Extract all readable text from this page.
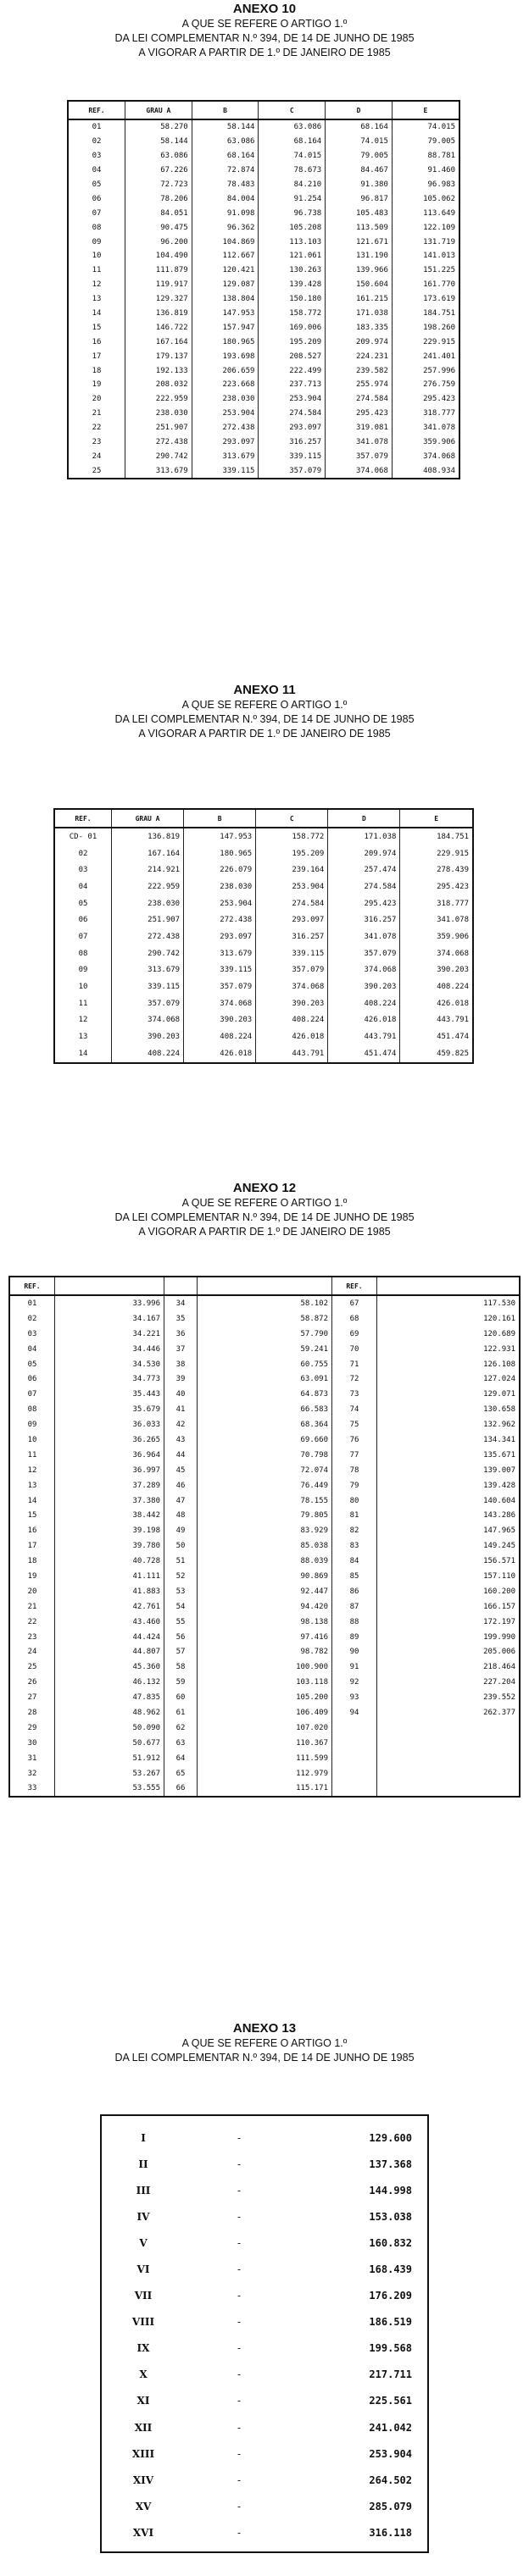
ANEXO 10
A QUE SE REFERE O ARTIGO 1.º
DA LEI COMPLEMENTAR N.º 394, DE 14 DE JUNHO DE 1985
A VIGORAR A PARTIR DE 1.º DE JANEIRO DE 1985
REF.	GRAU A	B	C	D	E
01	58.270	58.144	63.086	68.164	74.015
02	58.144	63.086	68.164	74.015	79.005
03	63.086	68.164	74.015	79.005	88.781
04	67.226	72.874	78.673	84.467	91.460
05	72.723	78.483	84.210	91.380	96.983
06	78.206	84.004	91.254	96.817	105.062
07	84.051	91.098	96.738	105.483	113.649
08	90.475	96.362	105.208	113.509	122.109
09	96.200	104.869	113.103	121.671	131.719
10	104.490	112.667	121.061	131.190	141.013
11	111.879	120.421	130.263	139.966	151.225
12	119.917	129.087	139.428	150.604	161.770
13	129.327	138.804	150.180	161.215	173.619
14	136.819	147.953	158.772	171.038	184.751
15	146.722	157.947	169.006	183.335	198.260
16	167.164	180.965	195.209	209.974	229.915
17	179.137	193.698	208.527	224.231	241.401
18	192.133	206.659	222.499	239.582	257.996
19	208.032	223.668	237.713	255.974	276.759
20	222.959	238.030	253.904	274.584	295.423
21	238.030	253.904	274.584	295.423	318.777
22	251.907	272.438	293.097	319.081	341.078
23	272.438	293.097	316.257	341.078	359.906
24	290.742	313.679	339.115	357.079	374.068
25	313.679	339.115	357.079	374.068	408.934
ANEXO 11
A QUE SE REFERE O ARTIGO 1.º
DA LEI COMPLEMENTAR N.º 394, DE 14 DE JUNHO DE 1985
A VIGORAR A PARTIR DE 1.º DE JANEIRO DE 1985
REF.	GRAU A	B	C	D	E
CD- 01	136.819	147.953	158.772	171.038	184.751
02	167.164	180.965	195.209	209.974	229.915
03	214.921	226.079	239.164	257.474	278.439
04	222.959	238.030	253.904	274.584	295.423
05	238.030	253.904	274.584	295.423	318.777
06	251.907	272.438	293.097	316.257	341.078
07	272.438	293.097	316.257	341.078	359.906
08	290.742	313.679	339.115	357.079	374.068
09	313.679	339.115	357.079	374.068	390.203
10	339.115	357.079	374.068	390.203	408.224
11	357.079	374.068	390.203	408.224	426.018
12	374.068	390.203	408.224	426.018	443.791
13	390.203	408.224	426.018	443.791	451.474
14	408.224	426.018	443.791	451.474	459.825
ANEXO 12
A QUE SE REFERE O ARTIGO 1.º
DA LEI COMPLEMENTAR N.º 394, DE 14 DE JUNHO DE 1985
A VIGORAR A PARTIR DE 1.º DE JANEIRO DE 1985
REF.				REF.	
01	33.996	34	58.102	67	117.530
02	34.167	35	58.872	68	120.161
03	34.221	36	57.790	69	120.689
04	34.446	37	59.241	70	122.931
05	34.530	38	60.755	71	126.108
06	34.773	39	63.091	72	127.024
07	35.443	40	64.873	73	129.071
08	35.679	41	66.583	74	130.658
09	36.033	42	68.364	75	132.962
10	36.265	43	69.660	76	134.341
11	36.964	44	70.798	77	135.671
12	36.997	45	72.074	78	139.007
13	37.289	46	76.449	79	139.428
14	37.380	47	78.155	80	140.604
15	38.442	48	79.805	81	143.286
16	39.198	49	83.929	82	147.965
17	39.780	50	85.038	83	149.245
18	40.728	51	88.039	84	156.571
19	41.111	52	90.869	85	157.110
20	41.883	53	92.447	86	160.200
21	42.761	54	94.420	87	166.157
22	43.460	55	98.138	88	172.197
23	44.424	56	97.416	89	199.990
24	44.807	57	98.782	90	205.006
25	45.360	58	100.900	91	218.464
26	46.132	59	103.118	92	227.204
27	47.835	60	105.200	93	239.552
28	48.962	61	106.409	94	262.377
29	50.090	62	107.020		
30	50.677	63	110.367		
31	51.912	64	111.599		
32	53.267	65	112.979		
33	53.555	66	115.171		
ANEXO 13
A QUE SE REFERE O ARTIGO 1.º
DA LEI COMPLEMENTAR N.º 394, DE 14 DE JUNHO DE 1985
I	-	129.600
II	-	137.368
III	-	144.998
IV	-	153.038
V	-	160.832
VI	-	168.439
VII	-	176.209
VIII	-	186.519
IX	-	199.568
X	-	217.711
XI	-	225.561
XII	-	241.042
XIII	-	253.904
XIV	-	264.502
XV	-	285.079
XVI	-	316.118
